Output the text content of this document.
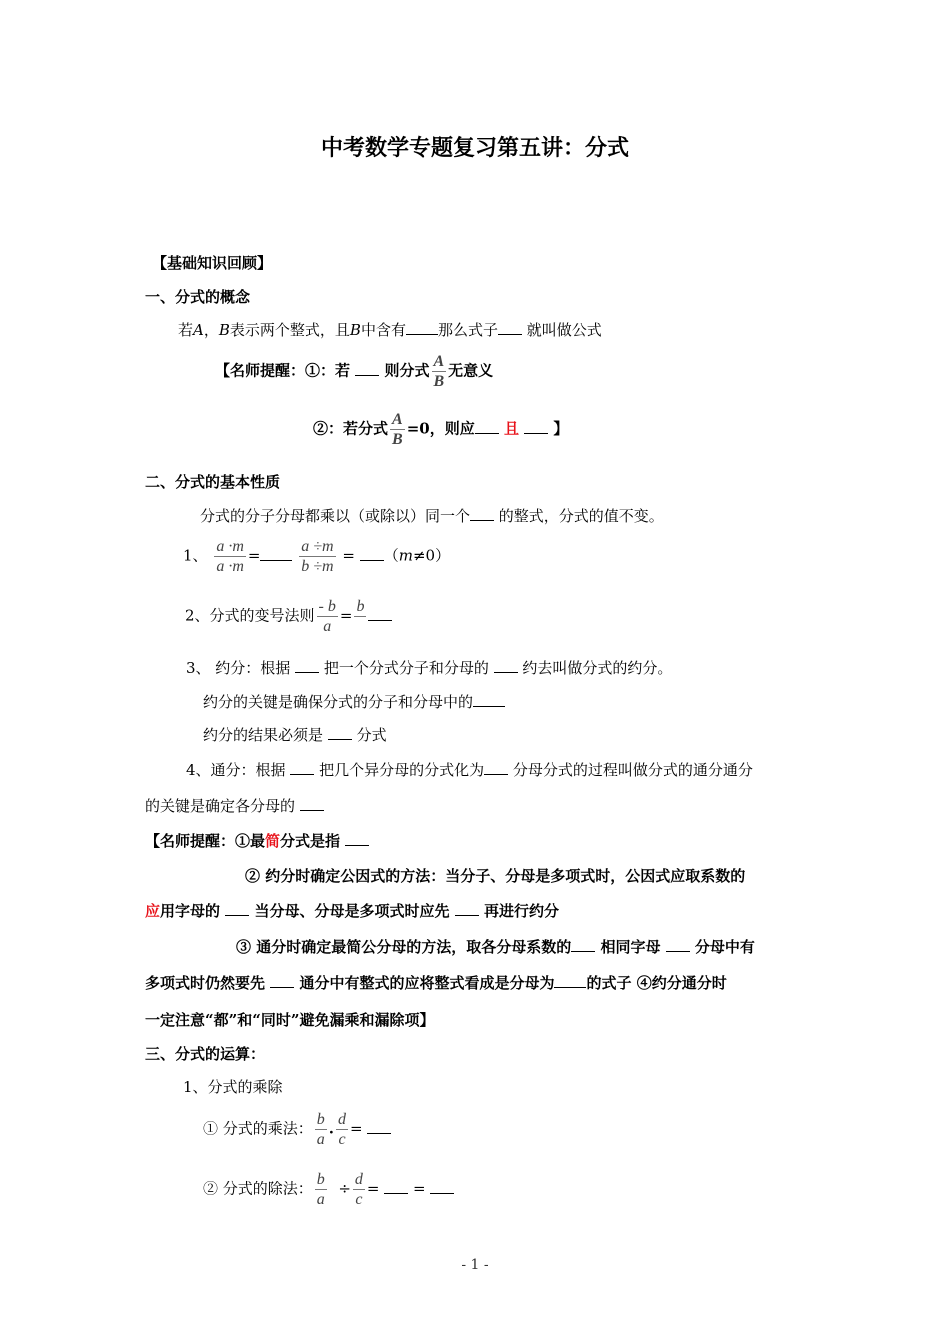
中考数学专题复习第五讲：分式
【基础知识回顾】
一、分式的概念
若A，B表示两个整式，且B中含有 那么式子 就叫做公式
【名师提醒：①：若 则分式 $\frac{A}{B}$ 无意义
②：若分式 $\frac{A}{B} =0$，则应 且 】
二、分式的基本性质
分式的分子分母都乘以（或除以）同一个 的整式，分式的值不变。
1、 $\frac{a \cdot m}{a \cdot m} = \frac{a \div m}{b \div m} = (m\ne 0)$
2、分式的变号法则 $\frac{- b}{a} = b$

3、 约分：根据  把一个分式分子和分母的  约去叫做分式的约分。
约分的关键是确保分式的分子和分母中的
约分的结果必须是  分式
4、通分：根据  把几个异分母的分式化为 分母分式的过程叫做分式的通分通分
的关键是确定各分母的
【名师提醒：①最简分式是指
② 约分时确定公因式的方法：当分子、分母是多项式时，公因式应取系数的
应用字母的  当分母、分母是多项式时应先  再进行约分
③ 通分时确定最简公分母的方法，取各分母系数的 相同字母  分母中有
多项式时仍然要先  通分中有整式的应将整式看成是分母为 的式子 ④约分通分时
一定注意“都”和“同时”避免漏乘和漏除项】
三、分式的运算：
1、分式的乘除
① 分式的乘法： $\frac{b}{a}$ . $\frac{d}{c}$ =
② 分式的除法： $\frac{b}{a} \div \frac{d}{c}$ = =
- 1 -
